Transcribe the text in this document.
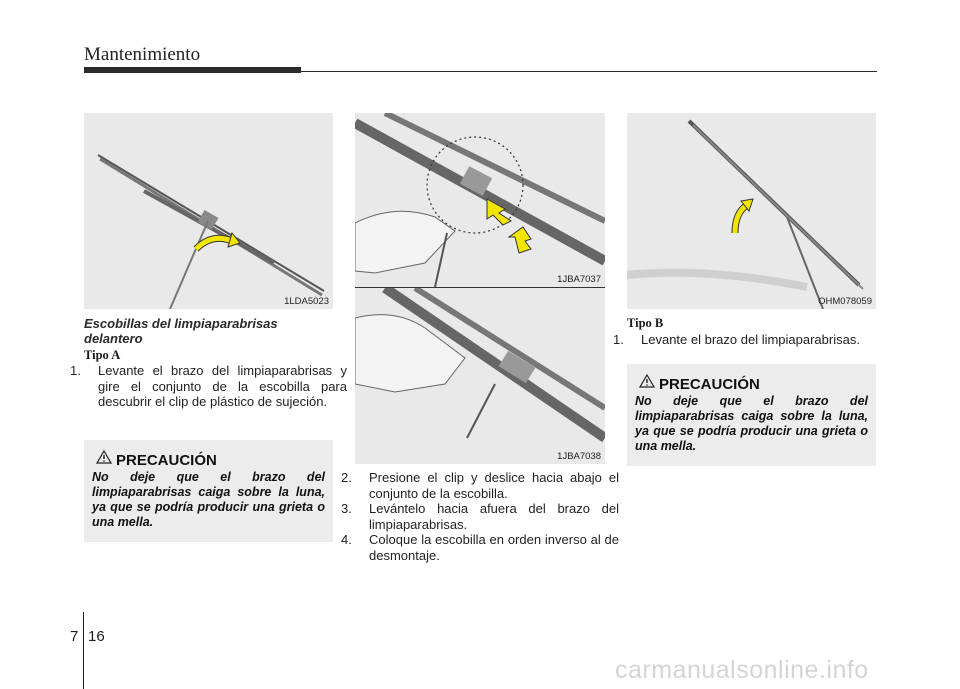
Mantenimiento
1LDA5023
1JBA7037
1JBA7038
OHM078059
Escobillas del limpiaparabrisas delantero
Tipo A
1. Levante el brazo del limpiaparabrisas y gire el conjunto de la escobilla para descubrir el clip de plástico de sujeción.
PRECAUCIÓN
No deje que el brazo del limpiaparabrisas caiga sobre la luna, ya que se podría producir una grieta o una mella.
2. Presione el clip y deslice hacia abajo el conjunto de la escobilla.
3. Levántelo hacia afuera del brazo del limpiaparabrisas.
4. Coloque la escobilla en orden inverso al de desmontaje.
Tipo B
1. Levante el brazo del limpiaparabrisas.
PRECAUCIÓN
No deje que el brazo del limpiaparabrisas caiga sobre la luna, ya que se podría producir una grieta o una mella.
7 16
carmanualsonline.info
